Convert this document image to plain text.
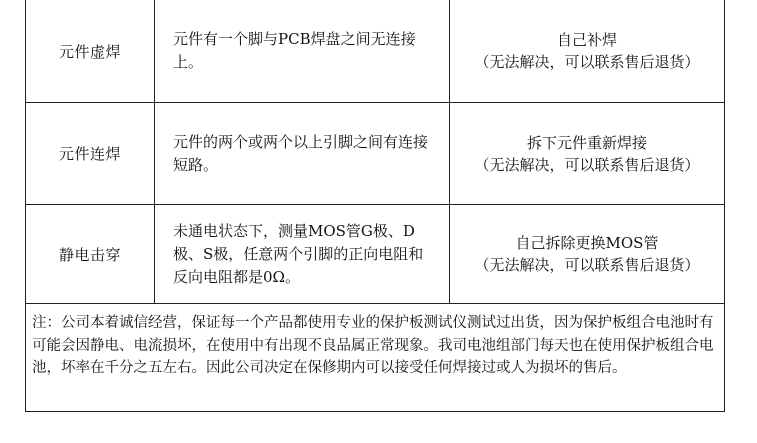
元件虚焊
元件有一个脚与PCB焊盘之间无连接上。
自己补焊
（无法解决，可以联系售后退货）
元件连焊
元件的两个或两个以上引脚之间有连接短路。
拆下元件重新焊接
（无法解决，可以联系售后退货）
静电击穿
未通电状态下，测量MOS管G极、D极、S极，任意两个引脚的正向电阻和反向电阻都是0Ω。
自己拆除更换MOS管
（无法解决，可以联系售后退货）

注：公司本着诚信经营，保证每一个产品都使用专业的保护板测试仪测试过出货，因为保护板组合电池时有可能会因静电、电流损坏，在使用中有出现不良品属正常现象。我司电池组部门每天也在使用保护板组合电池，坏率在千分之五左右。因此公司决定在保修期内可以接受任何焊接过或人为损坏的售后。
